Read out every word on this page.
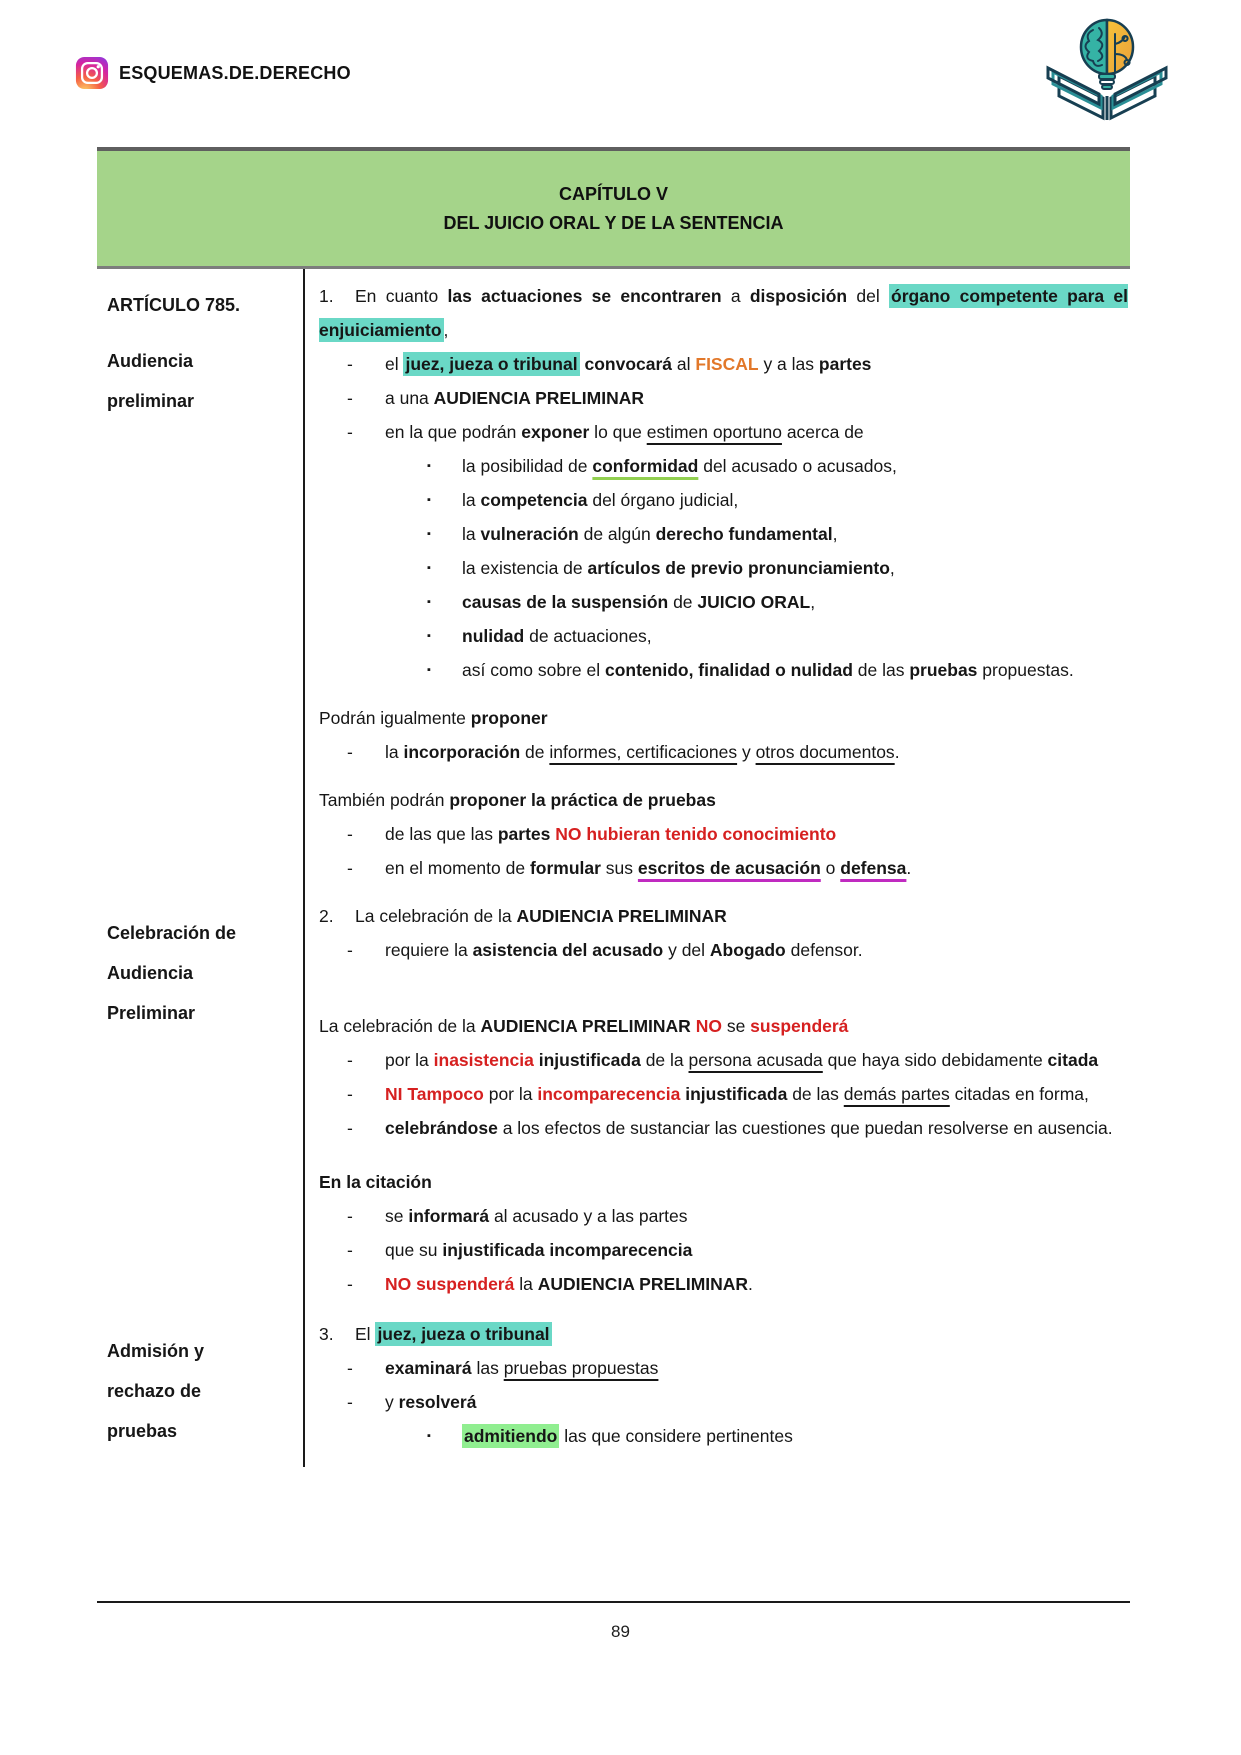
ESQUEMAS.DE.DERECHO
CAPÍTULO V
DEL JUICIO ORAL Y DE LA SENTENCIA
ARTÍCULO 785.
Audiencia
preliminar
1. En cuanto las actuaciones se encontraren a disposición del órgano competente para el enjuiciamiento ,
- el juez, jueza o tribunal convocará al FISCAL y a las partes
- a una AUDIENCIA PRELIMINAR
- en la que podrán exponer lo que estimen oportuno acerca de
▪ la posibilidad de conformidad del acusado o acusados,
▪ la competencia del órgano judicial,
▪ la vulneración de algún derecho fundamental,
▪ la existencia de artículos de previo pronunciamiento,
▪ causas de la suspensión de JUICIO ORAL,
▪ nulidad de actuaciones,
▪ así como sobre el contenido, finalidad o nulidad de las pruebas propuestas.
Podrán igualmente proponer
- la incorporación de informes, certificaciones y otros documentos.
También podrán proponer la práctica de pruebas
- de las que las partes NO hubieran tenido conocimiento
- en el momento de formular sus escritos de acusación o defensa.
Celebración de
Audiencia
Preliminar
2. La celebración de la AUDIENCIA PRELIMINAR
- requiere la asistencia del acusado y del Abogado defensor.
La celebración de la AUDIENCIA PRELIMINAR NO se suspenderá
- por la inasistencia injustificada de la persona acusada que haya sido debidamente citada
- NI Tampoco por la incomparecencia injustificada de las demás partes citadas en forma,
- celebrándose a los efectos de sustanciar las cuestiones que puedan resolverse en ausencia.
En la citación
- se informará al acusado y a las partes
- que su injustificada incomparecencia
- NO suspenderá la AUDIENCIA PRELIMINAR.
Admisión y
rechazo de
pruebas
3. El juez, jueza o tribunal
- examinará las pruebas propuestas
- y resolverá
▪ admitiendo las que considere pertinentes
89
